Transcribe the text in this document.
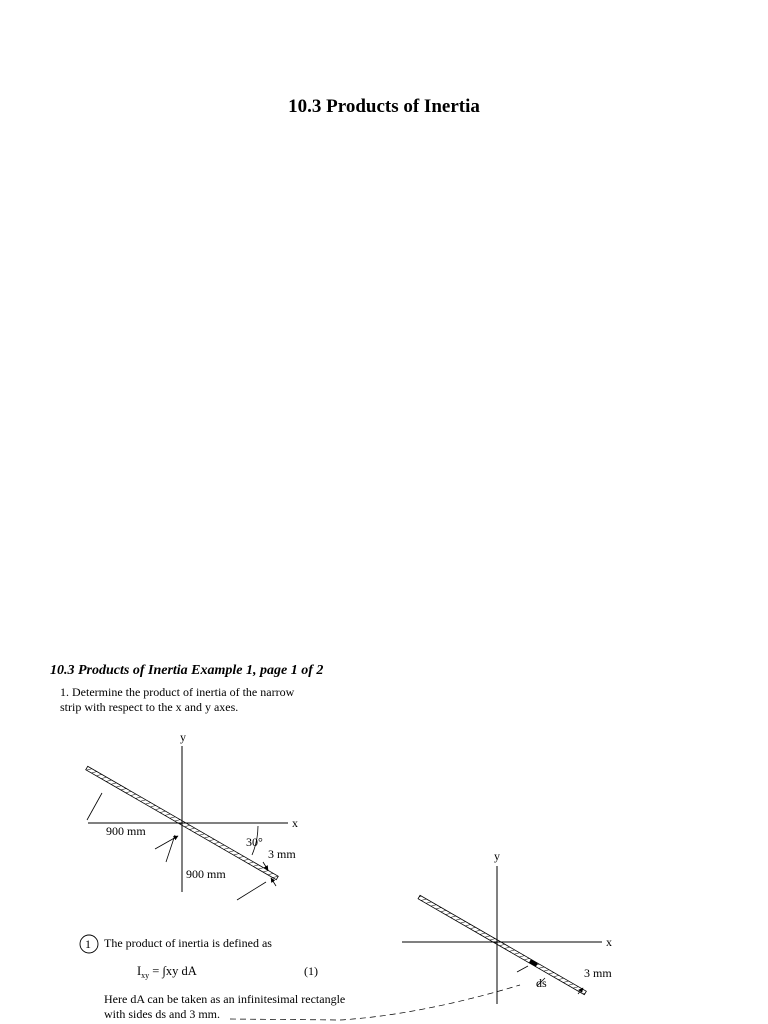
10.3 Products of Inertia
10.3 Products of Inertia Example 1, page 1 of 2
1. Determine the product of inertia of the narrow
strip with respect to the x and y axes.
y
x
900 mm
900 mm
30°
3 mm	y
x
ds
3 mm
1 The product of inertia is defined as
$I_{xy} = \int xy$ dA	(1)
Here dA can be taken as an infinitesimal rectangle
with sides ds and 3 mm.
